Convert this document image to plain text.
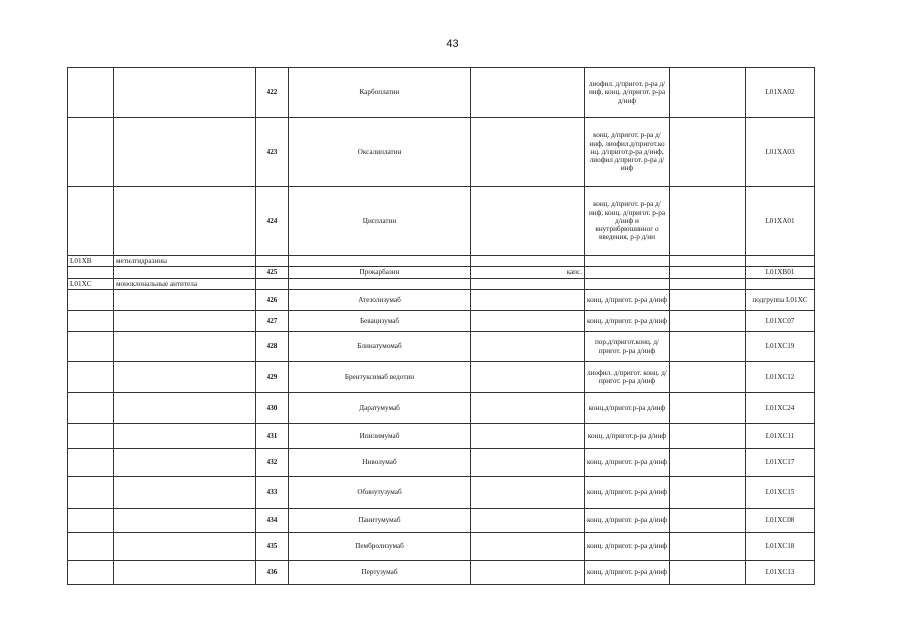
43
		422	Карбоплатин		лиофил. д/пригот. р-ра д/инф, конц. д/пригот. р-ра д/инф		L01XA02
		423	Оксалиплатин		конц. д/пригот. р-ра д/инф, лиофил.д/пригот.ко нц. д/пригот.р-ра д/инф, лиофил д/пригот. р-ра д/инф		L01XA03
		424	Цисплатин		конц. д/пригот. р-ра д/инф, конц. д/пригот. р-ра д/инф и внутрибрюшинног о введения, р-р д/ин		L01XA01
L01XB	метилгидразины						
		425	Прокарбазин	капс.			L01XB01
L01XC	моноклональные антитела						
		426	Атезолизумаб		конц. д/пригот. р-ра д/инф		подгруппа L01XC
		427	Бевацизумаб		конц. д/пригот. р-ра д/инф		L01XC07
		428	Блинатумомаб		пор.д/пригот.конц. д/пригот. р-ра д/инф		L01XC19
		429	Брентуксимаб ведотин		лиофил. д/пригот. конц. д/пригот. р-ра д/инф		L01XC12
		430	Даратумумаб		конц.д/пригот.р-ра д/инф		L01XC24
		431	Ипилимумаб		конц. д/пригот.р-ра д/инф		L01XC11
		432	Ниволумаб		конц. д/пригот. р-ра д/инф		L01XC17
		433	Обинутузумаб		конц. д/пригот. р-ра д/инф		L01XC15
		434	Панитумумаб		конц. д/пригот. р-ра д/инф		L01XC08
		435	Пембролизумаб		конц. д/пригот. р-ра д/инф		L01XC18
		436	Пертузумаб		конц. д/пригот. р-ра д/инф		L01XC13
